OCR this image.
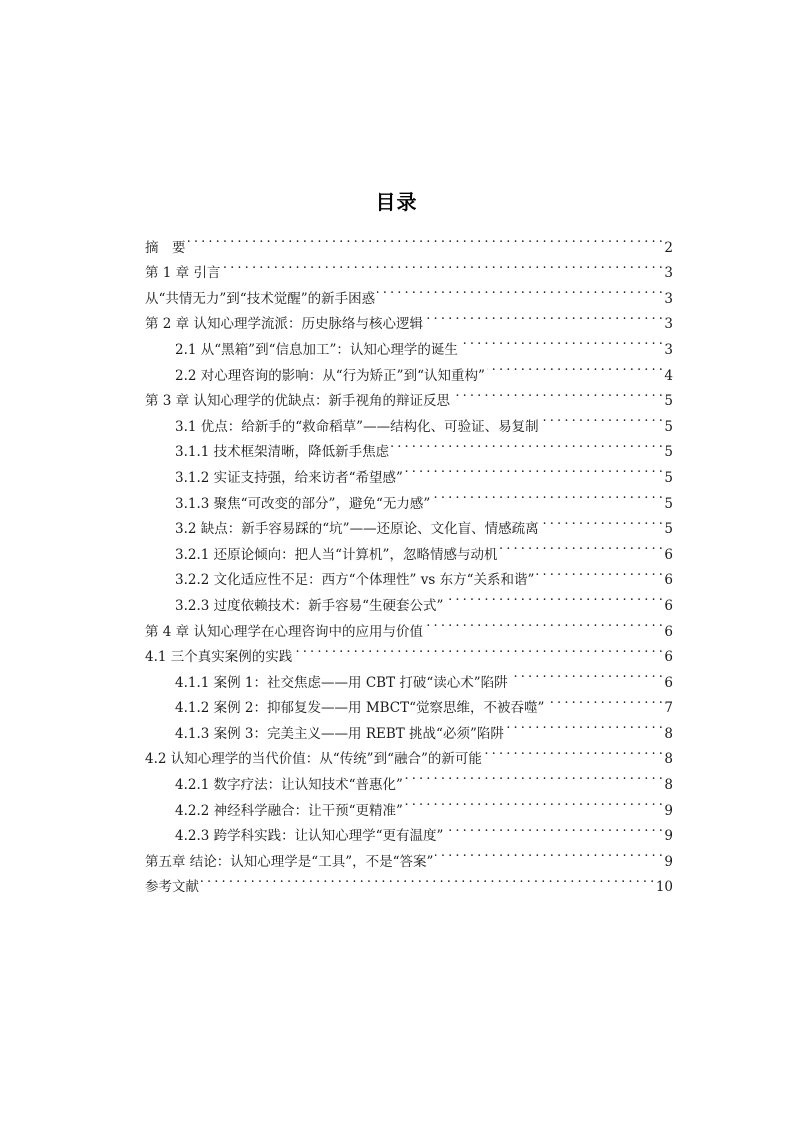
目录
摘　要 . . .	2
第 1 章 引言 . . .	3
从“共情无力”到“技术觉醒”的新手困惑 . . .	3
第 2 章 认知心理学流派：历史脉络与核心逻辑 . . .	3
2.1 从“黑箱”到“信息加工”：认知心理学的诞生 . . .	3
2.2 对心理咨询的影响：从“行为矫正”到“认知重构” . . .	4
第 3 章 认知心理学的优缺点：新手视角的辩证反思 . . .	5
3.1 优点：给新手的“救命稻草”——结构化、可验证、易复制 . . .	5
3.1.1 技术框架清晰，降低新手焦虑 . . .	5
3.1.2 实证支持强，给来访者“希望感” . . .	5
3.1.3 聚焦“可改变的部分”，避免“无力感” . . .	5
3.2 缺点：新手容易踩的“坑”——还原论、文化盲、情感疏离 . . .	5
3.2.1 还原论倾向：把人当“计算机”，忽略情感与动机 . . .	6
3.2.2 文化适应性不足：西方“个体理性” vs 东方“关系和谐” . . .	6
3.2.3 过度依赖技术：新手容易“生硬套公式” . . .	6
第 4 章 认知心理学在心理咨询中的应用与价值 . . .	6
4.1 三个真实案例的实践 . . .	6
4.1.1 案例 1：社交焦虑——用 CBT 打破“读心术”陷阱 . . .	6
4.1.2 案例 2：抑郁复发——用 MBCT“觉察思维，不被吞噬” . . .	7
4.1.3 案例 3：完美主义——用 REBT 挑战“必须”陷阱 . . .	8
4.2 认知心理学的当代价值：从“传统”到“融合”的新可能 . . .	8
4.2.1 数字疗法：让认知技术“普惠化” . . .	8
4.2.2 神经科学融合：让干预“更精准” . . .	9
4.2.3 跨学科实践：让认知心理学“更有温度” . . .	9
第五章 结论：认知心理学是“工具”，不是“答案” . . .	9
参考文献 . . .	10
